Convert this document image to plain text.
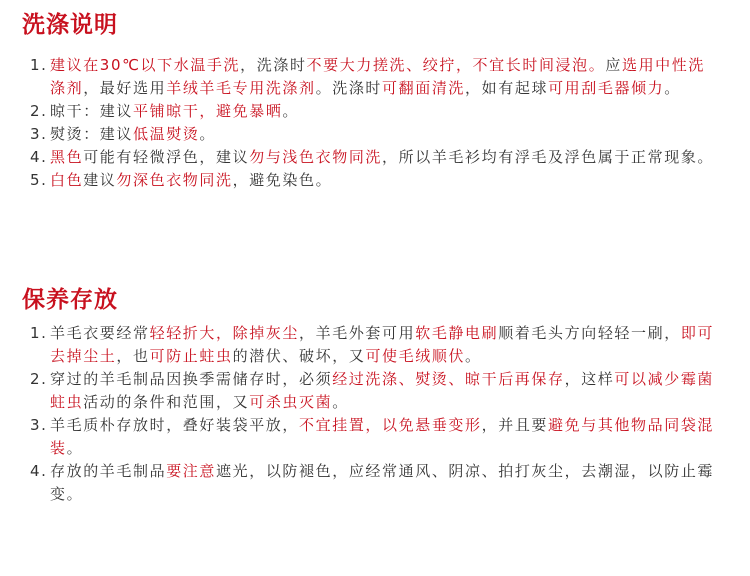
洗涤说明
1. 建议在30℃以下水温手洗，洗涤时不要大力搓洗、绞拧，不宜长时间浸泡。应选用中性洗涤剂，最好选用羊绒羊毛专用洗涤剂。洗涤时可翻面清洗，如有起球可用刮毛器倾力。
2. 晾干：建议平铺晾干，避免暴晒。
3. 熨烫：建议低温熨烫。
4. 黑色可能有轻微浮色，建议勿与浅色衣物同洗，所以羊毛衫均有浮毛及浮色属于正常现象。
5. 白色建议勿深色衣物同洗，避免染色。
保养存放
1. 羊毛衣要经常轻轻折大，除掉灰尘，羊毛外套可用软毛静电刷顺着毛头方向轻轻一刷，即可去掉尘土，也可防止蛀虫的潜伏、破坏，又可使毛绒顺伏。
2. 穿过的羊毛制品因换季需储存时，必须经过洗涤、熨烫、晾干后再保存，这样可以减少霉菌蛀虫活动的条件和范围，又可杀虫灭菌。
3. 羊毛质朴存放时，叠好装袋平放，不宜挂置，以免悬垂变形，并且要避免与其他物品同袋混装。
4. 存放的羊毛制品要注意遮光，以防褪色，应经常通风、阴凉、拍打灰尘，去潮湿，以防止霉变。
